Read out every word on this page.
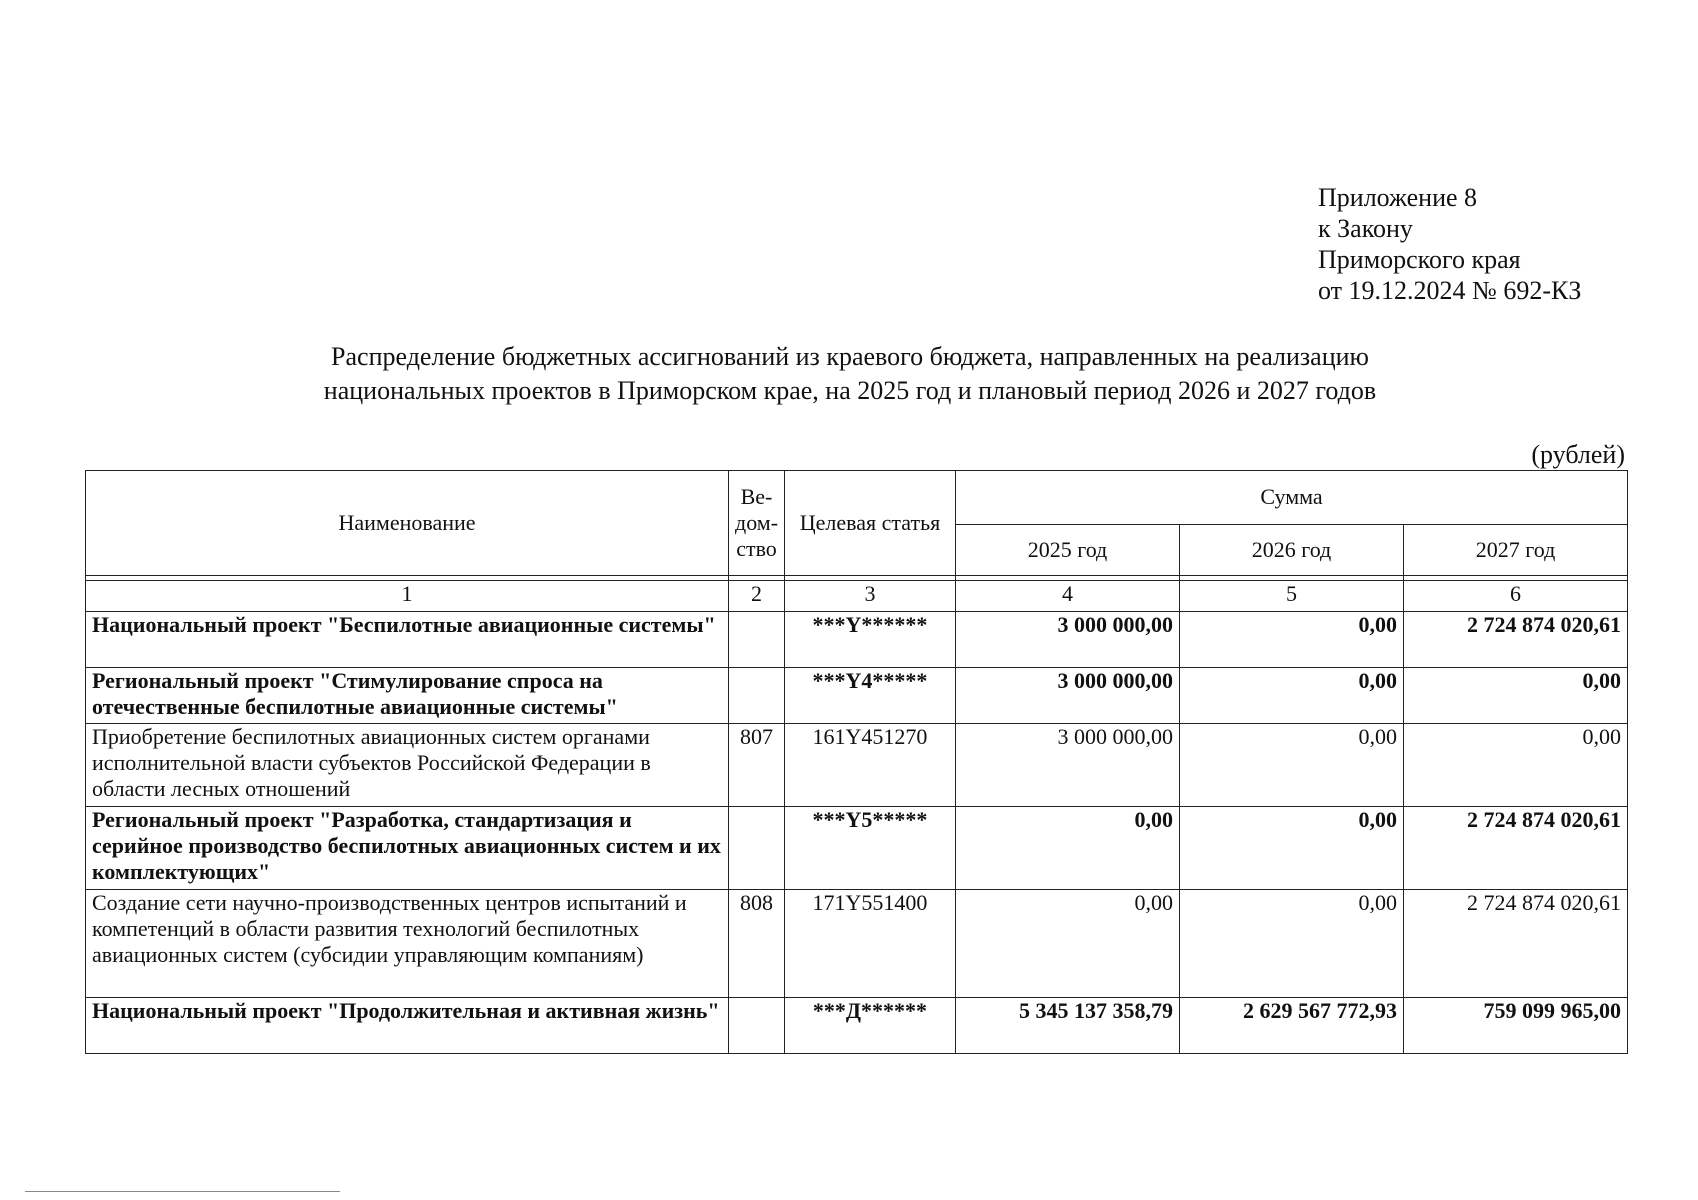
Приложение 8
к Закону
Приморского края
от 19.12.2024 № 692-КЗ
Распределение бюджетных ассигнований из краевого бюджета, направленных на реализацию
национальных проектов в Приморском крае, на 2025 год и плановый период 2026 и 2027 годов
(рублей)
Наименование	Ве-
дом-
ство	Целевая статья	Сумма		
			2025 год	2026 год	2027 год

1	2	3	4	5	6
Национальный проект "Беспилотные авиационные системы"		***Y******	3 000 000,00	0,00	2 724 874 020,61
Региональный проект "Стимулирование спроса на отечественные беспилотные авиационные системы"		***Y4*****	3 000 000,00	0,00	0,00
Приобретение беспилотных авиационных систем органами исполнительной власти субъектов Российской Федерации в области лесных отношений	807	161Y451270	3 000 000,00	0,00	0,00
Региональный проект "Разработка, стандартизация и серийное производство беспилотных авиационных систем и их комплектующих"		***Y5*****	0,00	0,00	2 724 874 020,61
Создание сети научно-производственных центров испытаний и компетенций в области развития технологий беспилотных авиационных систем (субсидии управляющим компаниям)	808	171Y551400	0,00	0,00	2 724 874 020,61
Национальный проект "Продолжительная и активная жизнь"		***Д******	5 345 137 358,79	2 629 567 772,93	759 099 965,00
